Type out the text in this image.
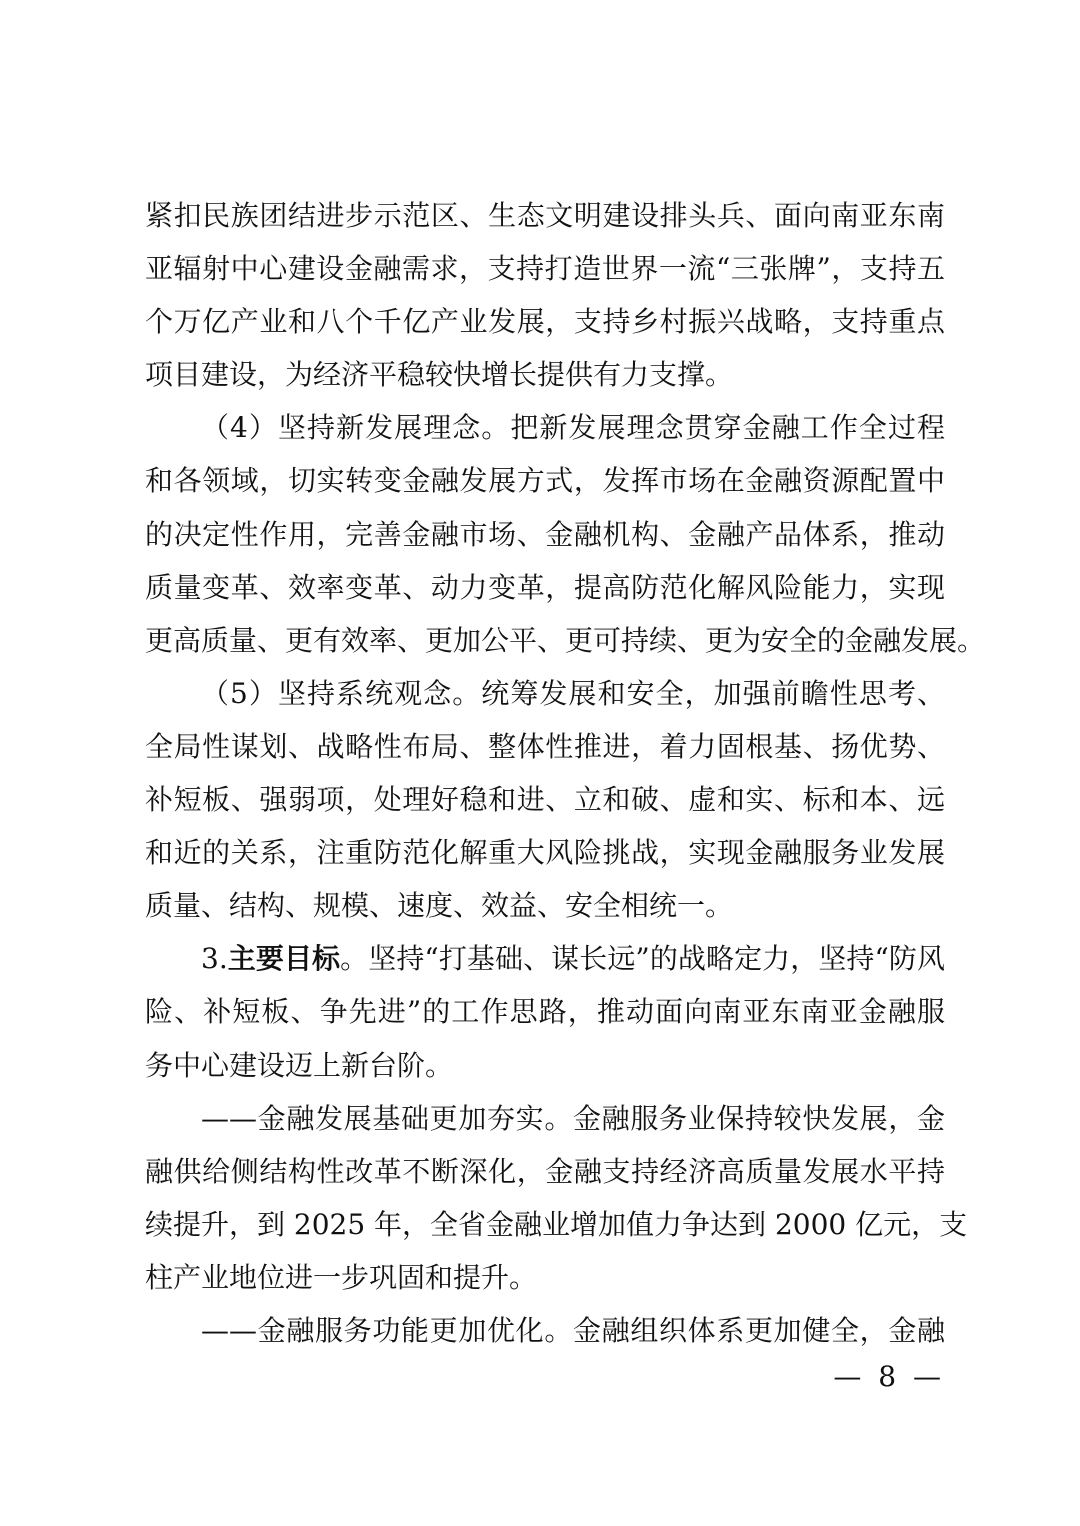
紧扣民族团结进步示范区、生态文明建设排头兵、面向南亚东南
亚辐射中心建设金融需求，支持打造世界一流“三张牌”，支持五
个万亿产业和八个千亿产业发展，支持乡村振兴战略，支持重点
项目建设，为经济平稳较快增长提供有力支撑。
（4）坚持新发展理念。把新发展理念贯穿金融工作全过程
和各领域，切实转变金融发展方式，发挥市场在金融资源配置中
的决定性作用，完善金融市场、金融机构、金融产品体系，推动
质量变革、效率变革、动力变革，提高防范化解风险能力，实现
更高质量、更有效率、更加公平、更可持续、更为安全的金融发展。
（5）坚持系统观念。统筹发展和安全，加强前瞻性思考、
全局性谋划、战略性布局、整体性推进，着力固根基、扬优势、
补短板、强弱项，处理好稳和进、立和破、虚和实、标和本、远
和近的关系，注重防范化解重大风险挑战，实现金融服务业发展
质量、结构、规模、速度、效益、安全相统一。
3.主要目标。坚持“打基础、谋长远”的战略定力，坚持“防风
险、补短板、争先进”的工作思路，推动面向南亚东南亚金融服
务中心建设迈上新台阶。
——金融发展基础更加夯实。金融服务业保持较快发展，金
融供给侧结构性改革不断深化，金融支持经济高质量发展水平持
续提升，到 2025 年，全省金融业增加值力争达到 2000 亿元，支
柱产业地位进一步巩固和提升。
——金融服务功能更加优化。金融组织体系更加健全，金融
— 8 —
